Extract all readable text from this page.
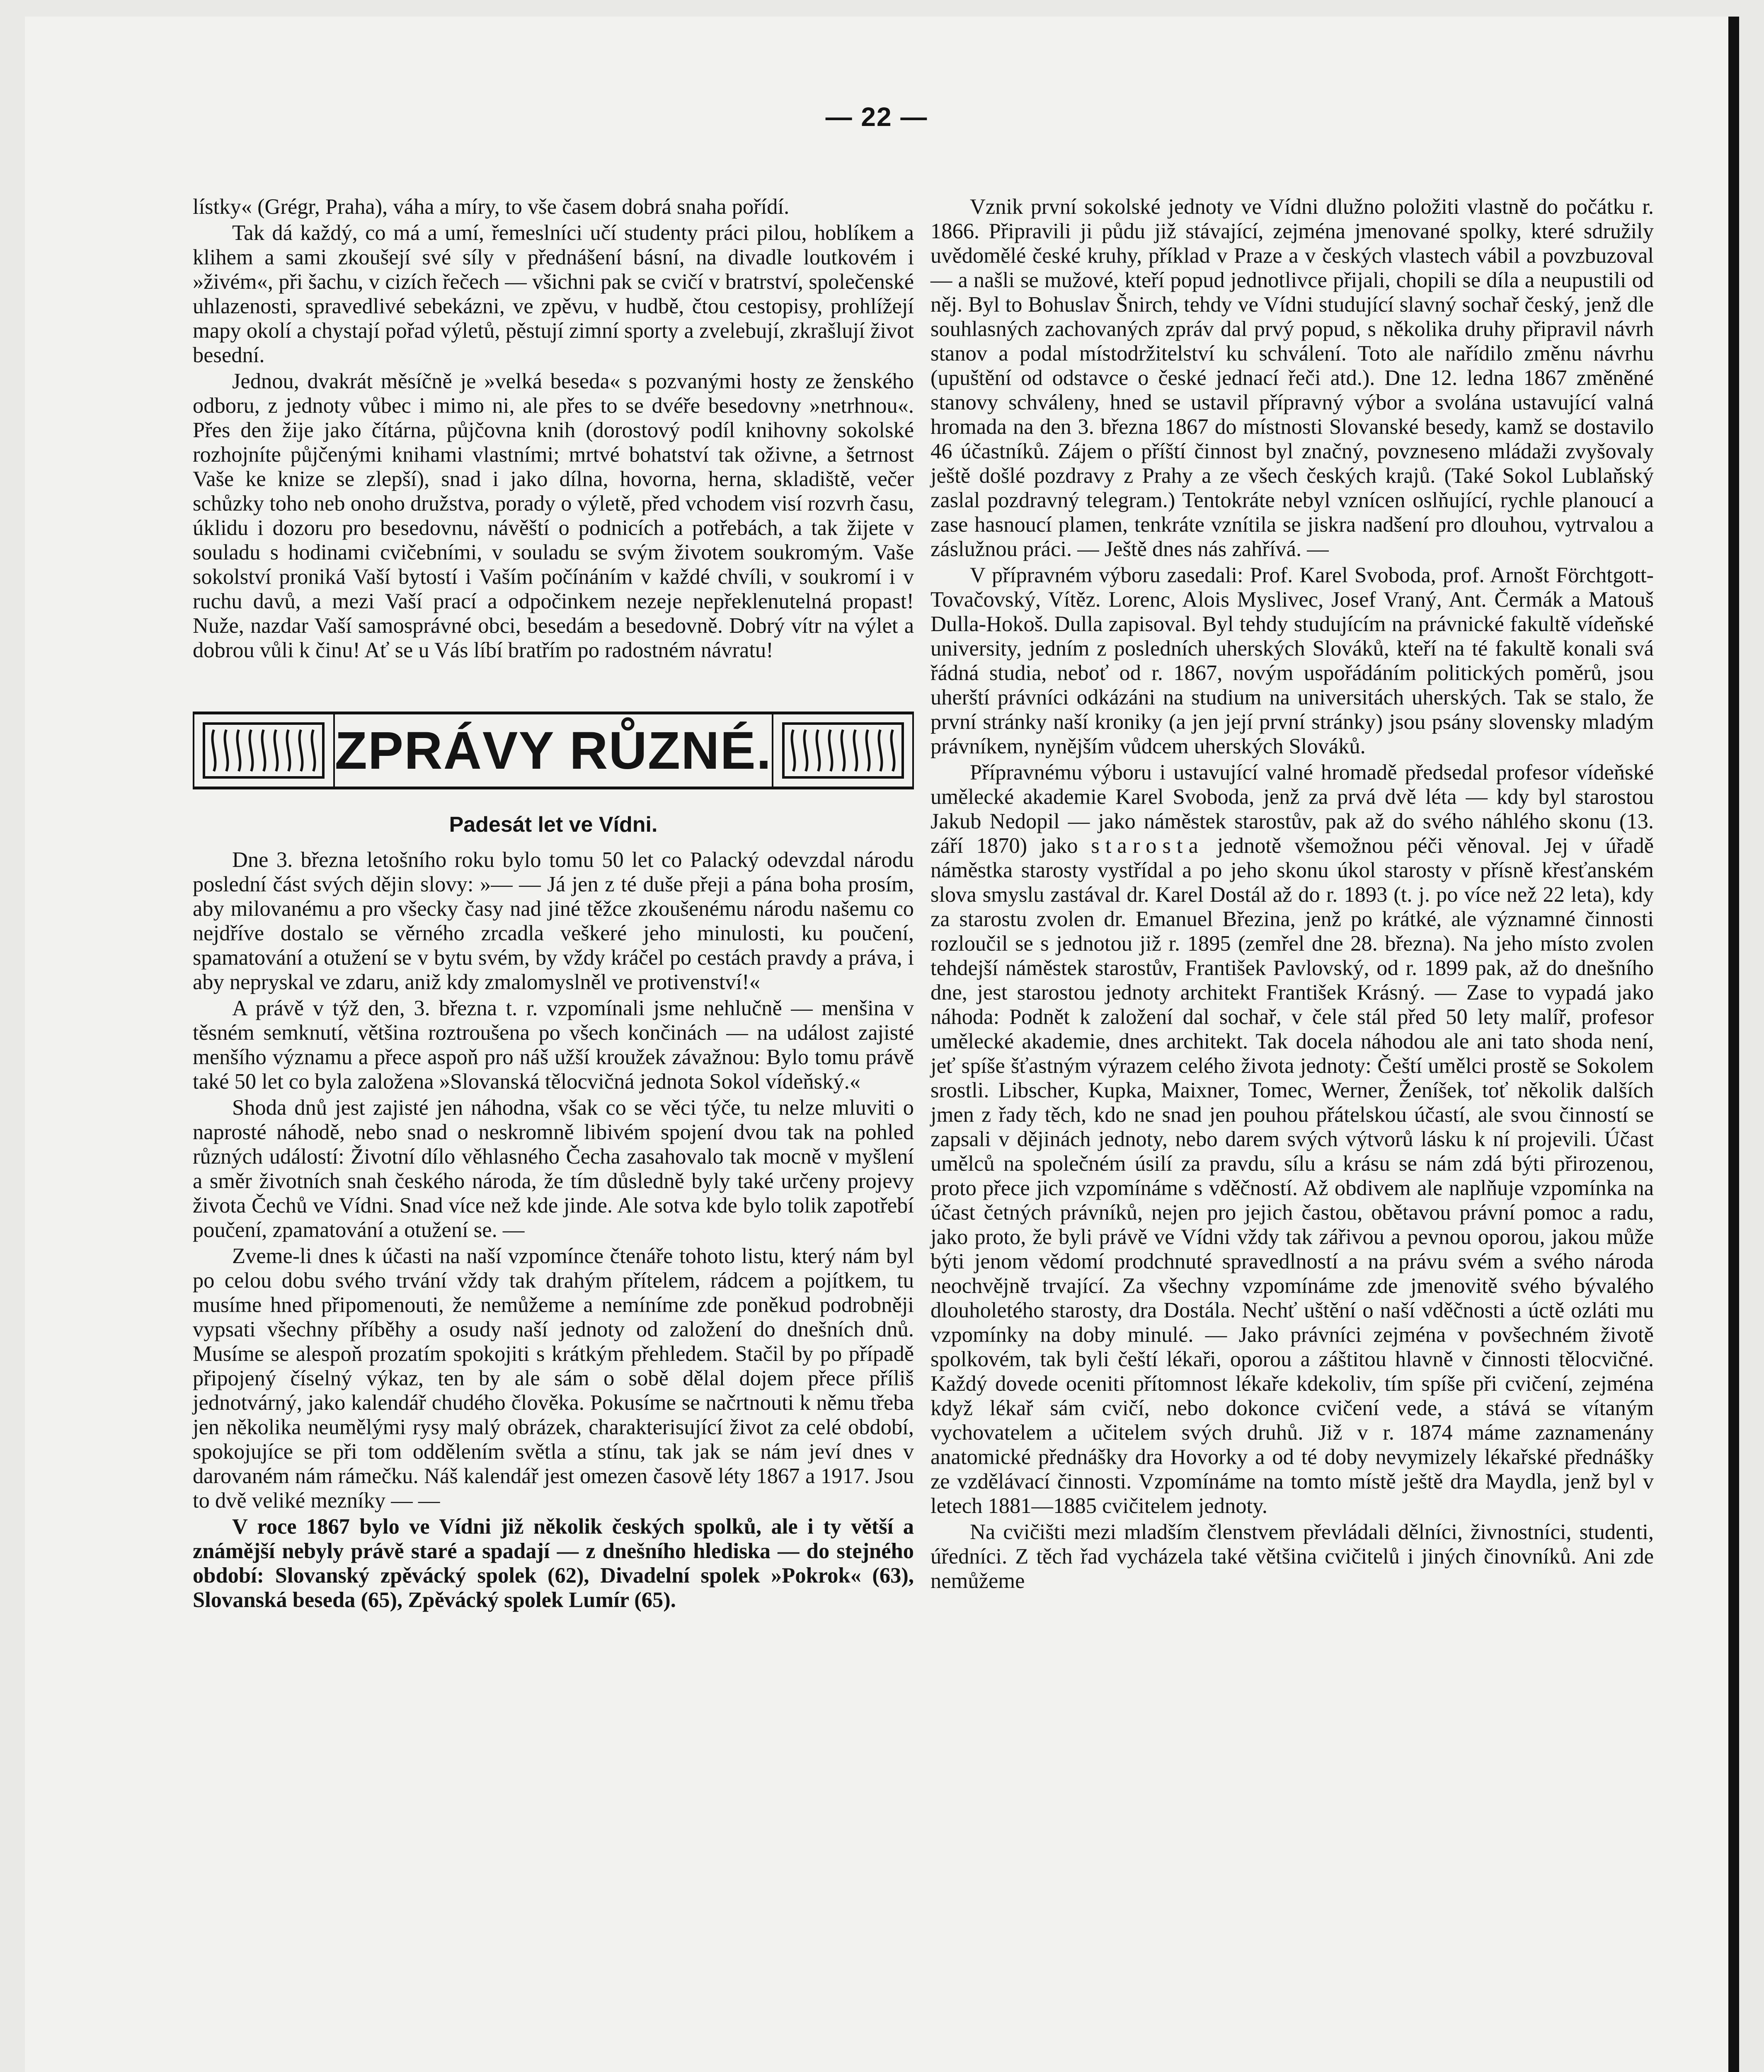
— 22 —

lístky« (Grégr, Praha), váha a míry, to vše časem dobrá snaha pořídí.

Tak dá každý, co má a umí, řemeslníci učí studenty práci pilou, hoblíkem a klihem a sami zkoušejí své síly v přednášení básní, na divadle loutkovém i »živém«, při šachu, v cizích řečech — všichni pak se cvičí v bratrství, společenské uhlazenosti, spravedlivé sebekázni, ve zpěvu, v hudbě, čtou cestopisy, prohlížejí mapy okolí a chystají pořad výletů, pěstují zimní sporty a zvelebují, zkrašlují život besední.

Jednou, dvakrát měsíčně je »velká beseda« s pozvanými hosty ze ženského odboru, z jednoty vůbec i mimo ni, ale přes to se dvéře besedovny »netrhnou«. Přes den žije jako čítárna, půjčovna knih (dorostový podíl knihovny sokolské rozhojníte půjčenými knihami vlastními; mrtvé bohatství tak oživne, a šetrnost Vaše ke knize se zlepší), snad i jako dílna, hovorna, herna, skladiště, večer schůzky toho neb onoho družstva, porady o výletě, před vchodem visí rozvrh času, úklidu i dozoru pro besedovnu, návěští o podnicích a potřebách, a tak žijete v souladu s hodinami cvičebními, v souladu se svým životem soukromým. Vaše sokolství proniká Vaší bytostí i Vaším počínáním v každé chvíli, v soukromí i v ruchu davů, a mezi Vaší prací a odpočinkem nezeje nepřeklenutelná propast! Nuže, nazdar Vaší samosprávné obci, besedám a besedovně. Dobrý vítr na výlet a dobrou vůli k činu! Ať se u Vás líbí bratřím po radostném návratu!

ZPRÁVY RŮZNÉ.
Padesát let ve Vídni.

Dne 3. března letošního roku bylo tomu 50 let co Palacký odevzdal národu poslední část svých dějin slovy: »— — Já jen z té duše přeji a pána boha prosím, aby milovanému a pro všecky časy nad jiné těžce zkoušenému národu našemu co nejdříve dostalo se věrného zrcadla veškeré jeho minulosti, ku poučení, spamatování a otužení se v bytu svém, by vždy kráčel po cestách pravdy a práva, i aby nepryskal ve zdaru, aniž kdy zmalomyslněl ve protivenství!«

A právě v týž den, 3. března t. r. vzpomínali jsme nehlučně — menšina v těsném semknutí, většina roztroušena po všech končinách — na událost zajisté menšího významu a přece aspoň pro náš užší kroužek závažnou: Bylo tomu právě také 50 let co byla založena »Slovanská tělocvičná jednota Sokol vídeňský.«

Shoda dnů jest zajisté jen náhodna, však co se věci týče, tu nelze mluviti o naprosté náhodě, nebo snad o neskromně libivém spojení dvou tak na pohled různých událostí: Životní dílo věhlasného Čecha zasahovalo tak mocně v myšlení a směr životních snah českého národa, že tím důsledně byly také určeny projevy života Čechů ve Vídni. Snad více než kde jinde. Ale sotva kde bylo tolik zapotřebí poučení, zpamatování a otužení se. —

Zveme-li dnes k účasti na naší vzpomínce čtenáře tohoto listu, který nám byl po celou dobu svého trvání vždy tak drahým přítelem, rádcem a pojítkem, tu musíme hned připomenouti, že nemůžeme a nemíníme zde poněkud podrobněji vypsati všechny příběhy a osudy naší jednoty od založení do dnešních dnů. Musíme se alespoň prozatím spokojiti s krátkým přehledem. Stačil by po případě připojený číselný výkaz, ten by ale sám o sobě dělal dojem přece příliš jednotvárný, jako kalendář chudého člověka. Pokusíme se načrtnouti k němu třeba jen několika neumělými rysy malý obrázek, charakterisující život za celé období, spokojujíce se při tom oddělením světla a stínu, tak jak se nám jeví dnes v darovaném nám rámečku. Náš kalendář jest omezen časově léty 1867 a 1917. Jsou to dvě veliké mezníky — —

V roce 1867 bylo ve Vídni již několik českých spolků, ale i ty větší a známější nebyly právě staré a spadají — z dnešního hlediska — do stejného období: Slovanský zpěvácký spolek (62), Divadelní spolek »Pokrok« (63), Slovanská beseda (65), Zpěvácký spolek Lumír (65).

Vznik první sokolské jednoty ve Vídni dlužno položiti vlastně do počátku r. 1866. Připravili ji půdu již stávající, zejména jmenované spolky, které sdružily uvědomělé české kruhy, příklad v Praze a v českých vlastech vábil a povzbuzoval — a našli se mužové, kteří popud jednotlivce přijali, chopili se díla a neupustili od něj. Byl to Bohuslav Šnirch, tehdy ve Vídni studující slavný sochař český, jenž dle souhlasných zachovaných zpráv dal prvý popud, s několika druhy připravil návrh stanov a podal místodržitelství ku schválení. Toto ale nařídilo změnu návrhu (upuštění od odstavce o české jednací řeči atd.). Dne 12. ledna 1867 změněné stanovy schváleny, hned se ustavil přípravný výbor a svolána ustavující valná hromada na den 3. března 1867 do místnosti Slovanské besedy, kamž se dostavilo 46 účastníků. Zájem o příští činnost byl značný, povzneseno mládaži zvyšovaly ještě došlé pozdravy z Prahy a ze všech českých krajů. (Také Sokol Lublaňský zaslal pozdravný telegram.) Tentokráte nebyl vznícen oslňující, rychle planoucí a zase hasnoucí plamen, tenkráte vznítila se jiskra nadšení pro dlouhou, vytrvalou a záslužnou práci. — Ještě dnes nás zahřívá. —

V přípravném výboru zasedali: Prof. Karel Svoboda, prof. Arnošt Förchtgott-Tovačovský, Vítěz. Lorenc, Alois Myslivec, Josef Vraný, Ant. Čermák a Matouš Dulla-Hokoš. Dulla zapisoval. Byl tehdy studujícím na právnické fakultě vídeňské university, jedním z posledních uherských Slováků, kteří na té fakultě konali svá řádná studia, neboť od r. 1867, novým uspořádáním politických poměrů, jsou uherští právníci odkázáni na studium na universitách uherských. Tak se stalo, že první stránky naší kroniky (a jen její první stránky) jsou psány slovensky mladým právníkem, nynějším vůdcem uherských Slováků.

Přípravnému výboru i ustavující valné hromadě předsedal profesor vídeňské umělecké akademie Karel Svoboda, jenž za prvá dvě léta — kdy byl starostou Jakub Nedopil — jako náměstek starostův, pak až do svého náhlého skonu (13. září 1870) jako starosta jednotě všemožnou péči věnoval. Jej v úřadě náměstka starosty vystřídal a po jeho skonu úkol starosty v přísně křesťanském slova smyslu zastával dr. Karel Dostál až do r. 1893 (t. j. po více než 22 leta), kdy za starostu zvolen dr. Emanuel Březina, jenž po krátké, ale významné činnosti rozloučil se s jednotou již r. 1895 (zemřel dne 28. března). Na jeho místo zvolen tehdejší náměstek starostův, František Pavlovský, od r. 1899 pak, až do dnešního dne, jest starostou jednoty architekt František Krásný. — Zase to vypadá jako náhoda: Podnět k založení dal sochař, v čele stál před 50 lety malíř, profesor umělecké akademie, dnes architekt. Tak docela náhodou ale ani tato shoda není, jeť spíše šťastným výrazem celého života jednoty: Čeští umělci prostě se Sokolem srostli. Libscher, Kupka, Maixner, Tomec, Werner, Ženíšek, toť několik dalších jmen z řady těch, kdo ne snad jen pouhou přátelskou účastí, ale svou činností se zapsali v dějinách jednoty, nebo darem svých výtvorů lásku k ní projevili. Účast umělců na společném úsilí za pravdu, sílu a krásu se nám zdá býti přirozenou, proto přece jich vzpomínáme s vděčností. Až obdivem ale naplňuje vzpomínka na účast četných právníků, nejen pro jejich častou, obětavou právní pomoc a radu, jako proto, že byli právě ve Vídni vždy tak zářivou a pevnou oporou, jakou může býti jenom vědomí prodchnuté spravedlností a na právu svém a svého národa neochvějně trvající. Za všechny vzpomínáme zde jmenovitě svého bývalého dlouholetého starosty, dra Dostála. Nechť uštění o naší vděčnosti a úctě ozláti mu vzpomínky na doby minulé. — Jako právníci zejména v povšechném životě spolkovém, tak byli čeští lékaři, oporou a záštitou hlavně v činnosti tělocvičné. Každý dovede oceniti přítomnost lékaře kdekoliv, tím spíše při cvičení, zejména když lékař sám cvičí, nebo dokonce cvičení vede, a stává se vítaným vychovatelem a učitelem svých druhů. Již v r. 1874 máme zaznamenány anatomické přednášky dra Hovorky a od té doby nevymizely lékařské přednášky ze vzdělávací činnosti. Vzpomínáme na tomto místě ještě dra Maydla, jenž byl v letech 1881—1885 cvičitelem jednoty.

Na cvičišti mezi mladším členstvem převládali dělníci, živnostníci, studenti, úředníci. Z těch řad vycházela také většina cvičitelů i jiných činovníků. Ani zde nemůžeme
